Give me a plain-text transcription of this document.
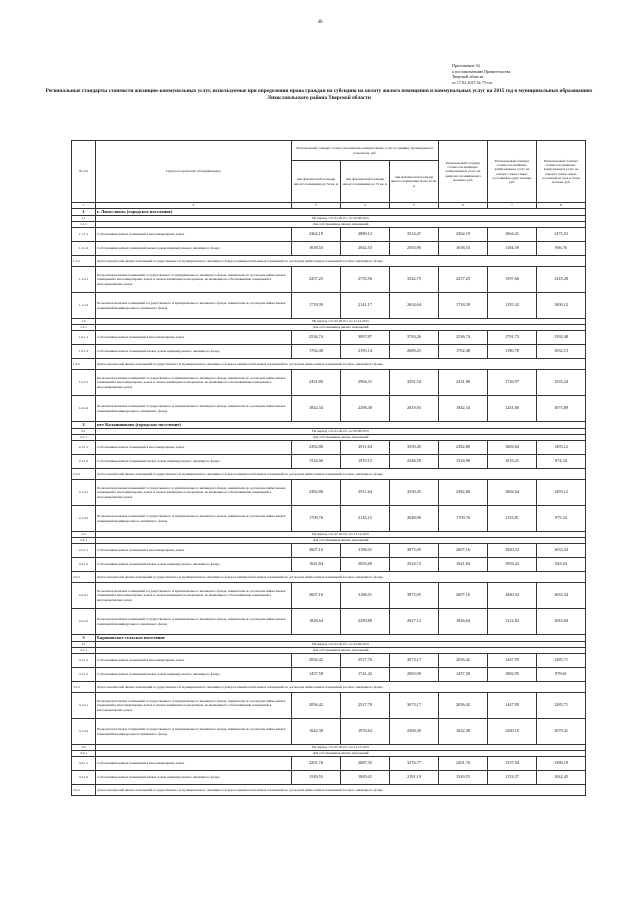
46
Приложение 34
к постановлению Правительства
Тверской области
от 17.02.2015 № 75-пп
Региональные стандарты стоимости жилищно-коммунальных услуг, используемые при определении права граждан на субсидию на оплату жилого помещения и коммунальных услуг на 2015 год в муниципальных образованиях Лихославльского района Тверской области
№ п/п	Группа получателей субсидий/период	Региональный стандарт стоимости жилищно-коммунальных услуг на единицу произведенного показателя, руб.			Региональный стандарт стоимости жилищно-коммунальных услуг на одиночно проживающего человека, руб.	Региональный стандарт стоимости жилищно-коммунальных услуг на каждого члена семьи, состоящей из двух человек, руб.	Региональный стандарт стоимости жилищно-коммунальных услуг на каждого члена семьи, состоящей из трех и более человек, руб.
		при фактической площади жилого помещения до 54 кв. м	при фактической площади жилого помещения до 72 кв. м	при фактической площади жилого помещения более 42 кв. м			
1	2	3	4	5	6	7	8
1	г. Лихославль (городское поселение)						
1.1	На период с 01.01.2015 г. по 30.06.2015						
1.1.1	Для собственников жилых помещений						
1.1.1.1	Собственники жилых помещений в многоквартирных домах	2362,19	2889,12	3514,47	2362,19	1664,41	1475,52
1.1.1.2	Собственники жилых помещений жилых домов индивидуального жилищного фонда	1638,53	2042,53	2503,96	1638,53	1104,39	956,76
1.1.2	Для пользователей жилых помещений государственного и муниципального жилищного фонда и нанимателей жилых помещений по договорам найма жилых помещений частного жилищного фонда						
1.1.2.1	Пользователи жилых помещений государственного и муниципального жилищного фонда, наниматели по договорам найма жилых помещений в многоквартирных домах и членов жилищных кооперативов, не являющиеся собственниками помещений в многоквартирных домах	2257,25	2755,56	3342,75	2257,25	1597,66	1418,28
1.1.2.2	Пользователи жилых помещений государственного и муниципального жилищного фонда, наниматели по договорам найма жилых помещений индивидуального жилищного фонда	1718,39	2141,17	2634,64	1718,39	1155,32	1000,12
1.2	На период с 01.07.2015 г. по 31.12.2015						
1.2.1	Для собственников жилых помещений						
1.2.1.1	Собственники жилых помещений в многоквартирных домах	2536,74	3097,87	3763,26	2536,74	1791,75	1592,48
1.2.1.2	Собственники жилых помещений жилых домов индивидуального жилищного фонда	1762,48	2195,14	2689,25	1762,48	1190,78	1032,13
1.2.2	Для пользователей жилых помещений государственного и муниципального жилищного фонда и нанимателей жилых помещений по договорам найма жилых помещений частного жилищного фонда						
1.2.2.1	Пользователи жилых помещений государственного и муниципального жилищного фонда, наниматели по договорам найма жилых помещений в многоквартирных домах и членов жилищных кооперативов, не являющиеся собственниками помещений в многоквартирных домах	2431,80	2964,31	3591,54	2431,80	1726,97	1535,24
1.2.2.2	Пользователи жилых помещений государственного и муниципального жилищного фонда, наниматели по договорам найма жилых помещений индивидуального жилищного фонда	1842,34	2296,38	2819,93	1842,34	1241,60	1075,89
2	пгт Калашниково (городское поселение)						
2.1	На период с 01.01.2015 г. по 30.06.2015						
2.1.1	Для собственников жилых помещений						
2.1.1.1	Собственники жилых помещений в многоквартирных домах	2382,86	2911,64	3539,45	2382,86	1682,64	1493,12
2.1.1.2	Собственники жилых помещений жилых домов индивидуального жилищного фонда	1524,96	1919,15	2346,50	1524,96	1016,21	874,34
2.1.2	Для пользователей жилых помещений государственного и муниципального жилищного фонда и нанимателей жилых помещений по договорам найма жилых помещений частного жилищного фонда						
2.1.2.1	Пользователи жилых помещений государственного и муниципального жилищного фонда, наниматели по договорам найма жилых помещений в многоквартирных домах и членов жилищных кооперативов, не являющиеся собственниками помещений в многоквартирных домах	2382,86	2911,64	3539,45	2382,86	1682,64	1493,12
2.1.2.2	Пользователи жилых помещений государственного и муниципального жилищного фонда, наниматели по договорам найма жилых помещений индивидуального жилищного фонда	1709,76	2145,15	2648,90	1709,76	1133,81	975,34
2.2	На период с 01.07.2015 г. по 31.12.2015						
2.2.1	Для собственников жилых помещений						
2.2.1.1	Собственники жилых помещений в многоквартирных домах	2607,16	3186,01	3875,05	2607,16	1840,52	1633,34
2.2.1.2	Собственники жилых помещений жилых домов индивидуального жилищного фонда	1641,84	2055,69	2524,72	1641,84	1093,22	943,04
2.2.2	Для пользователей жилых помещений государственного и муниципального жилищного фонда и нанимателей жилых помещений по договорам найма жилых помещений частного жилищного фонда						
2.2.2.1	Пользователи жилых помещений государственного и муниципального жилищного фонда, наниматели по договорам найма жилых помещений в многоквартирных домах и членов жилищных кооперативов, не являющиеся собственниками помещений в многоквартирных домах	2607,16	3186,01	3875,05	2607,16	1840,52	1633,34
2.2.2.2	Пользователи жилых помещений государственного и муниципального жилищного фонда, наниматели по договорам найма жилых помещений индивидуального жилищного фонда	1826,64	2290,89	2827,12	1826,64	1212,82	1043,84
3	Барановское сельское поселение						
3.1	На период с 01.01.2015 г. по 30.06.2015						
3.1.1	Для собственников жилых помещений						
3.1.1.1	Собственники жилых помещений в многоквартирных домах	2056,42	2517,70	3073,17	2056,42	1447,95	1285,71
3.1.1.2	Собственники жилых помещений жилых домов индивидуального жилищного фонда	1457,58	1741,42	2065,90	1457,58	1082,95	978,61
3.1.2	Для пользователей жилых помещений государственного и муниципального жилищного фонда и нанимателей жилых помещений по договорам найма жилых помещений частного жилищного фонда						
3.1.2.1	Пользователи жилых помещений государственного и муниципального жилищного фонда, наниматели по договорам найма жилых помещений в многоквартирных домах и членов жилищных кооперативов, не являющиеся собственниками помещений в многоквартирных домах	2056,42	2517,70	3073,17	2056,42	1447,95	1285,71
3.1.2.2	Пользователи жилых помещений государственного и муниципального жилищного фонда, наниматели по договорам найма жилых помещений индивидуального жилищного фонда	1642,38	1976,62	2368,30	1642,38	1200,10	1079,41
3.2	На период с 01.07.2015 г. по 31.12.2015						
3.2.1	Для собственников жилых помещений						
3.2.1.1	Собственники жилых помещений в многоквартирных домах	2201,76	2687,35	3276,77	2201,76	1557,94	1386,19
3.2.1.2	Собственники жилых помещений жилых домов индивидуального жилищного фонда	1549,55	1849,41	2191,19	1549,55	1153,37	1042,45
3.2.2	Для пользователей жилых помещений государственного и муниципального жилищного фонда и нанимателей жилых помещений по договорам найма жилых помещений частного жилищного фонда						
